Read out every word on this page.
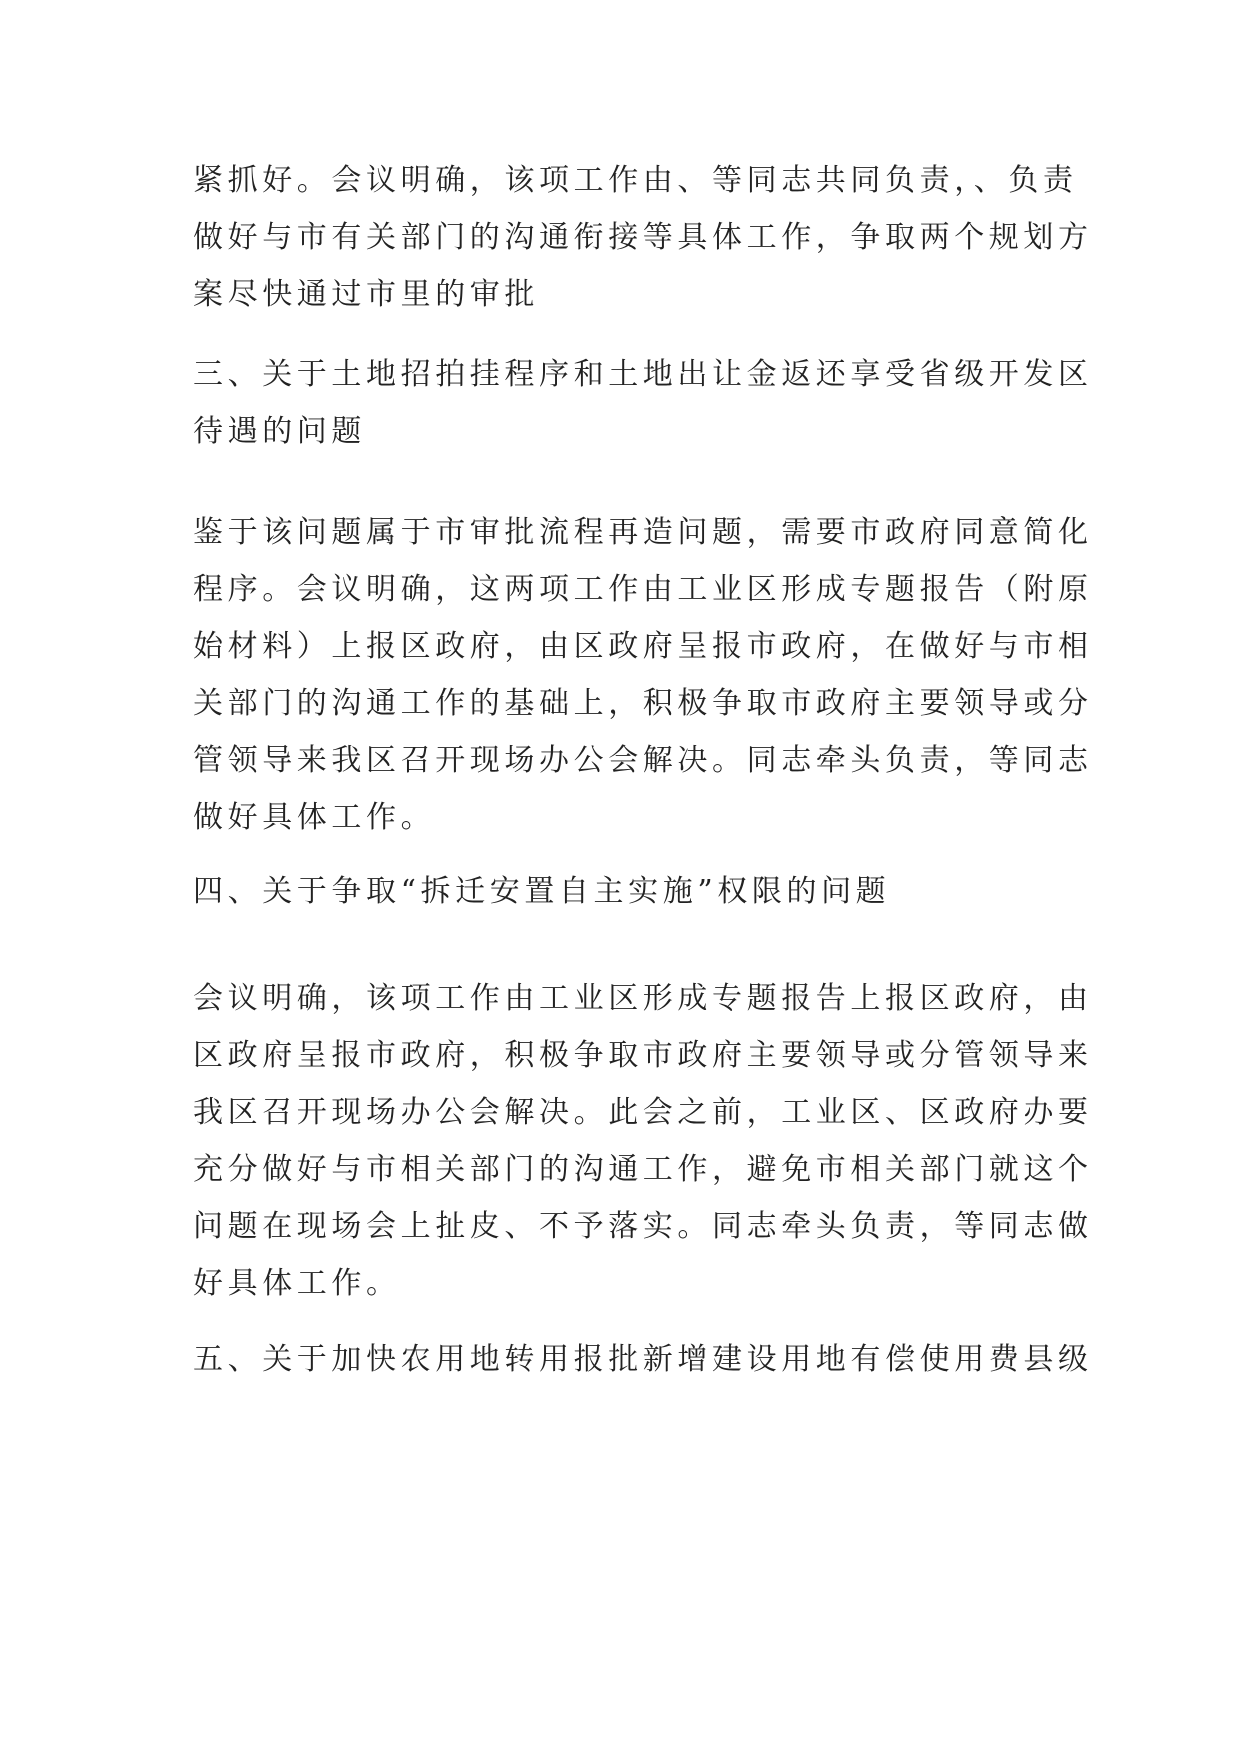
紧抓好。会议明确，该项工作由、等同志共同负责，、负责
做好与市有关部门的沟通衔接等具体工作，争取两个规划方
案尽快通过市里的审批
三、关于土地招拍挂程序和土地出让金返还享受省级开发区
待遇的问题
鉴于该问题属于市审批流程再造问题，需要市政府同意简化
程序。会议明确，这两项工作由工业区形成专题报告（附原
始材料）上报区政府，由区政府呈报市政府，在做好与市相
关部门的沟通工作的基础上，积极争取市政府主要领导或分
管领导来我区召开现场办公会解决。同志牵头负责，等同志
做好具体工作。
四、关于争取“拆迁安置自主实施”权限的问题
会议明确，该项工作由工业区形成专题报告上报区政府，由
区政府呈报市政府，积极争取市政府主要领导或分管领导来
我区召开现场办公会解决。此会之前，工业区、区政府办要
充分做好与市相关部门的沟通工作，避免市相关部门就这个
问题在现场会上扯皮、不予落实。同志牵头负责，等同志做
好具体工作。
五、关于加快农用地转用报批新增建设用地有偿使用费县级
